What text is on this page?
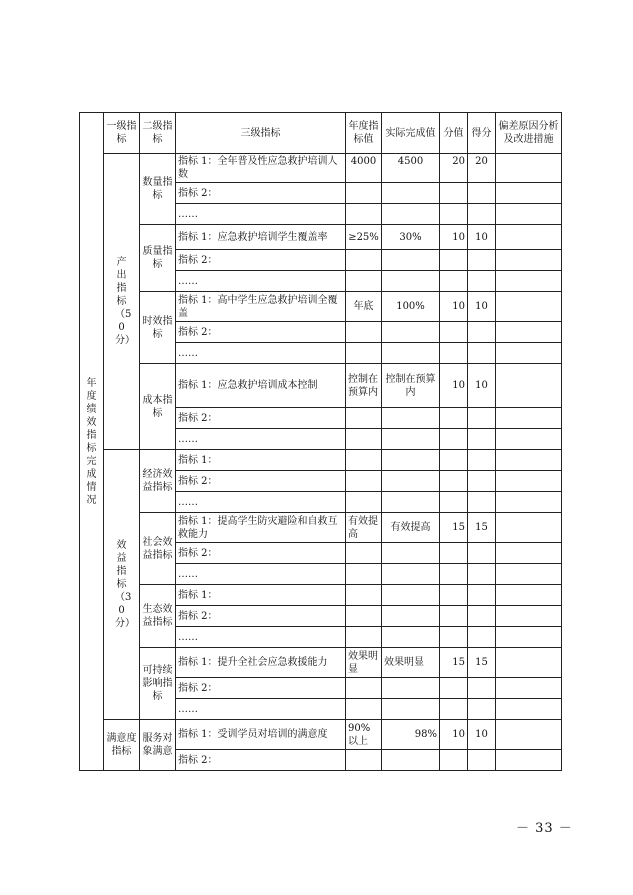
年度绩效指标完成情况	一级指标	二级指标	三级指标	年度指标值	实际完成值	分值	得分	偏差原因分析及改进措施

	产出指标（50分）	数量指标	指标 1：全年普及性应急救护培训人数	4000	4500	20	20	
			指标 2：					
			……					
		质量指标	指标 1：应急救护培训学生覆盖率	≥25%	30%	10	10	
			指标 2：					
			……					
		时效指标	指标 1：高中学生应急救护培训全覆盖	年底	100%	10	10	
			指标 2：					
			……					
		成本指标	指标 1：应急救护培训成本控制	控制在预算内	控制在预算内	10	10	
			指标 2：					
			……					

	效益指标（30分）	经济效益指标	指标 1：					
			指标 2：					
			……					
		社会效益指标	指标 1：提高学生防灾避险和自救互救能力	有效提高	有效提高	15	15	
			指标 2：					
			……					
		生态效益指标	指标 1：					
			指标 2：					
			……					
		可持续影响指标	指标 1：提升全社会应急救援能力	效果明显	效果明显	15	15	
			指标 2：					
			……					
	满意度指标	服务对象满意	指标 1：受训学员对培训的满意度	90%以上	98%	10	10	
			指标 2：					
－ 33 －
